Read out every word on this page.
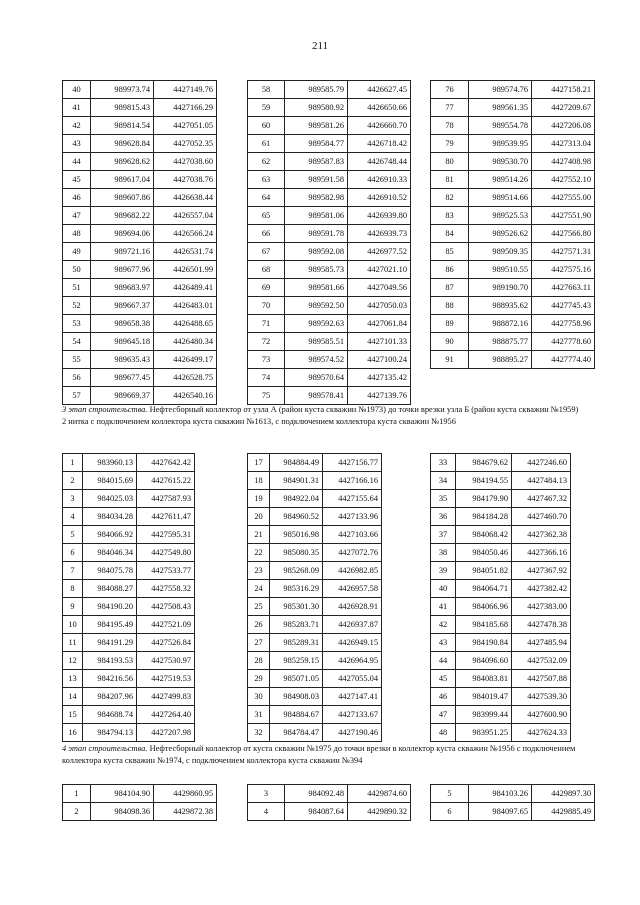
211
40	989973.74	4427149.76
41	989815.43	4427166.29
42	989814.54	4427051.05
43	989628.84	4427052.35
44	989628.62	4427038.60
45	989617.04	4427038.76
46	989607.86	4426638.44
47	989682.22	4426557.04
48	989694.06	4426566.24
49	989721.16	4426531.74
50	989677.96	4426501.99
51	989683.97	4426489.41
52	989667.37	4426483.01
53	989658.38	4426488.65
54	989645.18	4426480.34
55	989635.43	4426499.17
56	989677.45	4426528.75
57	989669.37	4426540.16
58	989585.79	4426627.45
59	989580.92	4426650.66
60	989581.26	4426660.70
61	989584.77	4426718.42
62	989587.83	4426748.44
63	989591.58	4426910.33
64	989582.98	4426910.52
65	989581.06	4426939.80
66	989591.78	4426939.73
67	989592.08	4426977.52
68	989585.73	4427021.10
69	989581.66	4427049.56
70	989592.50	4427050.03
71	989592.63	4427061.84
72	989585.51	4427101.33
73	989574.52	4427100.24
74	989570.64	4427135.42
75	989578.41	4427139.76
76	989574.76	4427158.21
77	989561.35	4427209.67
78	989554.78	4427206.08
79	989539.95	4427313.04
80	989530.70	4427408.98
81	989514.26	4427552.10
82	989514.66	4427555.00
83	989525.53	4427551.90
84	989526.62	4427566.80
85	989509.35	4427571.31
86	989510.55	4427575.16
87	989190.70	4427663.11
88	988935.62	4427745.43
89	988872.16	4427758.96
90	988875.77	4427778.60
91	988895.27	4427774.40
3 этап строительства. Нефтесборный коллектор от узла А (район куста скважин №1973) до точки врезки узла Б (район куста скважин №1959) 2 нитка с подключением коллектора куста скважин №1613, с подключением коллектора куста скважин №1956
1	983960.13	4427642.42
2	984015.69	4427615.22
3	984025.03	4427587.93
4	984034.28	4427611.47
5	984066.92	4427595.31
6	984046.34	4427549.80
7	984075.78	4427533.77
8	984088.27	4427558.32
9	984190.20	4427508.43
10	984195.49	4427521.09
11	984191.29	4427526.84
12	984193.53	4427530.97
13	984216.56	4427519.53
14	984207.96	4427499.83
15	984688.74	4427264.40
16	984794.13	4427207.98
17	984884.49	4427156.77
18	984901.31	4427166.16
19	984922.04	4427155.64
20	984960.52	4427133.96
21	985016.98	4427103.66
22	985080.35	4427072.76
23	985268.09	4426982.85
24	985316.29	4426957.58
25	985301.30	4426928.91
26	985283.71	4426937.87
27	985289.31	4426949.15
28	985259.15	4426964.95
29	985071.05	4427055.04
30	984908.03	4427147.41
31	984884.67	4427133.67
32	984784.47	4427190.46
33	984679.62	4427246.60
34	984194.55	4427484.13
35	984179.90	4427467.32
36	984184.28	4427460.70
37	984068.42	4427362.38
38	984050.46	4427366.16
39	984051.82	4427367.92
40	984064.71	4427382.42
41	984066.96	4427383.00
42	984185.68	4427478.38
43	984190.84	4427485.94
44	984096.60	4427532.09
45	984083.81	4427507.88
46	984019.47	4427539.30
47	983999.44	4427600.90
48	983951.25	4427624.33
4 этап строительства. Нефтесборный коллектор от куста скважин №1975 до точки врезки в коллектор куста скважин №1956 с подключением коллектора куста скважин №1974, с подключением коллектора куста скважин №394
1	984104.90	4429860.95
2	984098.36	4429872.38
3	984092.48	4429874.60
4	984087.64	4429890.32
5	984103.26	4429897.30
6	984097.65	4429885.49
